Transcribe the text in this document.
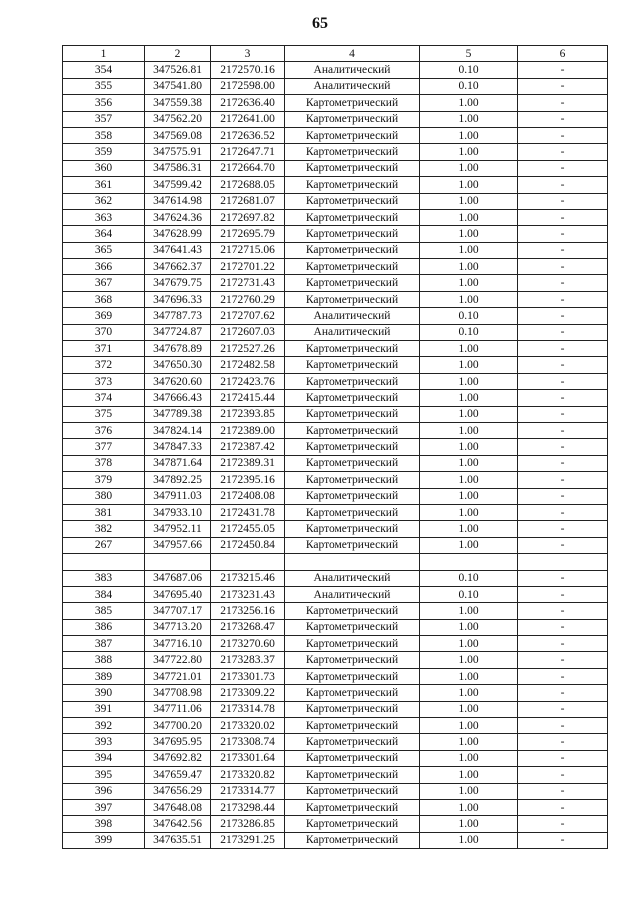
65
1	2	3	4	5	6
354	347526.81	2172570.16	Аналитический	0.10	-
355	347541.80	2172598.00	Аналитический	0.10	-
356	347559.38	2172636.40	Картометрический	1.00	-
357	347562.20	2172641.00	Картометрический	1.00	-
358	347569.08	2172636.52	Картометрический	1.00	-
359	347575.91	2172647.71	Картометрический	1.00	-
360	347586.31	2172664.70	Картометрический	1.00	-
361	347599.42	2172688.05	Картометрический	1.00	-
362	347614.98	2172681.07	Картометрический	1.00	-
363	347624.36	2172697.82	Картометрический	1.00	-
364	347628.99	2172695.79	Картометрический	1.00	-
365	347641.43	2172715.06	Картометрический	1.00	-
366	347662.37	2172701.22	Картометрический	1.00	-
367	347679.75	2172731.43	Картометрический	1.00	-
368	347696.33	2172760.29	Картометрический	1.00	-
369	347787.73	2172707.62	Аналитический	0.10	-
370	347724.87	2172607.03	Аналитический	0.10	-
371	347678.89	2172527.26	Картометрический	1.00	-
372	347650.30	2172482.58	Картометрический	1.00	-
373	347620.60	2172423.76	Картометрический	1.00	-
374	347666.43	2172415.44	Картометрический	1.00	-
375	347789.38	2172393.85	Картометрический	1.00	-
376	347824.14	2172389.00	Картометрический	1.00	-
377	347847.33	2172387.42	Картометрический	1.00	-
378	347871.64	2172389.31	Картометрический	1.00	-
379	347892.25	2172395.16	Картометрический	1.00	-
380	347911.03	2172408.08	Картометрический	1.00	-
381	347933.10	2172431.78	Картометрический	1.00	-
382	347952.11	2172455.05	Картометрический	1.00	-
267	347957.66	2172450.84	Картометрический	1.00	-

383	347687.06	2173215.46	Аналитический	0.10	-
384	347695.40	2173231.43	Аналитический	0.10	-
385	347707.17	2173256.16	Картометрический	1.00	-
386	347713.20	2173268.47	Картометрический	1.00	-
387	347716.10	2173270.60	Картометрический	1.00	-
388	347722.80	2173283.37	Картометрический	1.00	-
389	347721.01	2173301.73	Картометрический	1.00	-
390	347708.98	2173309.22	Картометрический	1.00	-
391	347711.06	2173314.78	Картометрический	1.00	-
392	347700.20	2173320.02	Картометрический	1.00	-
393	347695.95	2173308.74	Картометрический	1.00	-
394	347692.82	2173301.64	Картометрический	1.00	-
395	347659.47	2173320.82	Картометрический	1.00	-
396	347656.29	2173314.77	Картометрический	1.00	-
397	347648.08	2173298.44	Картометрический	1.00	-
398	347642.56	2173286.85	Картометрический	1.00	-
399	347635.51	2173291.25	Картометрический	1.00	-
